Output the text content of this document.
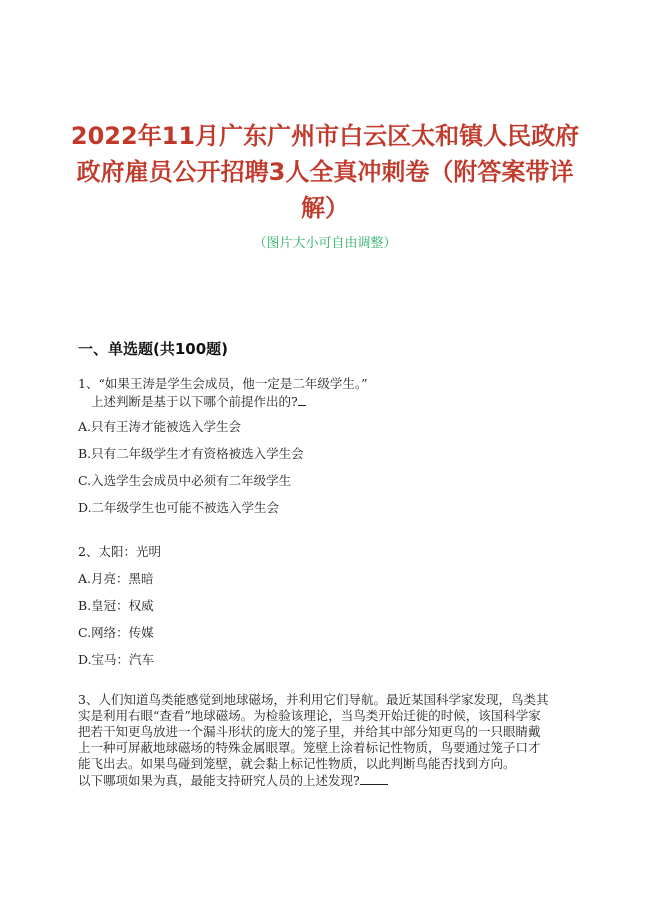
2022年11月广东广州市白云区太和镇人民政府
政府雇员公开招聘3人全真冲刺卷（附答案带详
解）
（图片大小可自由调整）
一、单选题(共100题)
1、“如果王涛是学生会成员，他一定是二年级学生。”
上述判断是基于以下哪个前提作出的?
A.只有王涛才能被选入学生会
B.只有二年级学生才有资格被选入学生会
C.入选学生会成员中必须有二年级学生
D.二年级学生也可能不被选入学生会
2、太阳：光明
A.月亮：黑暗
B.皇冠：权威
C.网络：传媒
D.宝马：汽车
3、人们知道鸟类能感觉到地球磁场，并利用它们导航。最近某国科学家发现，鸟类其
实是利用右眼“查看”地球磁场。为检验该理论，当鸟类开始迁徙的时候，该国科学家
把若干知更鸟放进一个漏斗形状的庞大的笼子里，并给其中部分知更鸟的一只眼睛戴
上一种可屏蔽地球磁场的特殊金属眼罩。笼壁上涂着标记性物质，鸟要通过笼子口才
能飞出去。如果鸟碰到笼壁，就会黏上标记性物质，以此判断鸟能否找到方向。
以下哪项如果为真，最能支持研究人员的上述发现?
